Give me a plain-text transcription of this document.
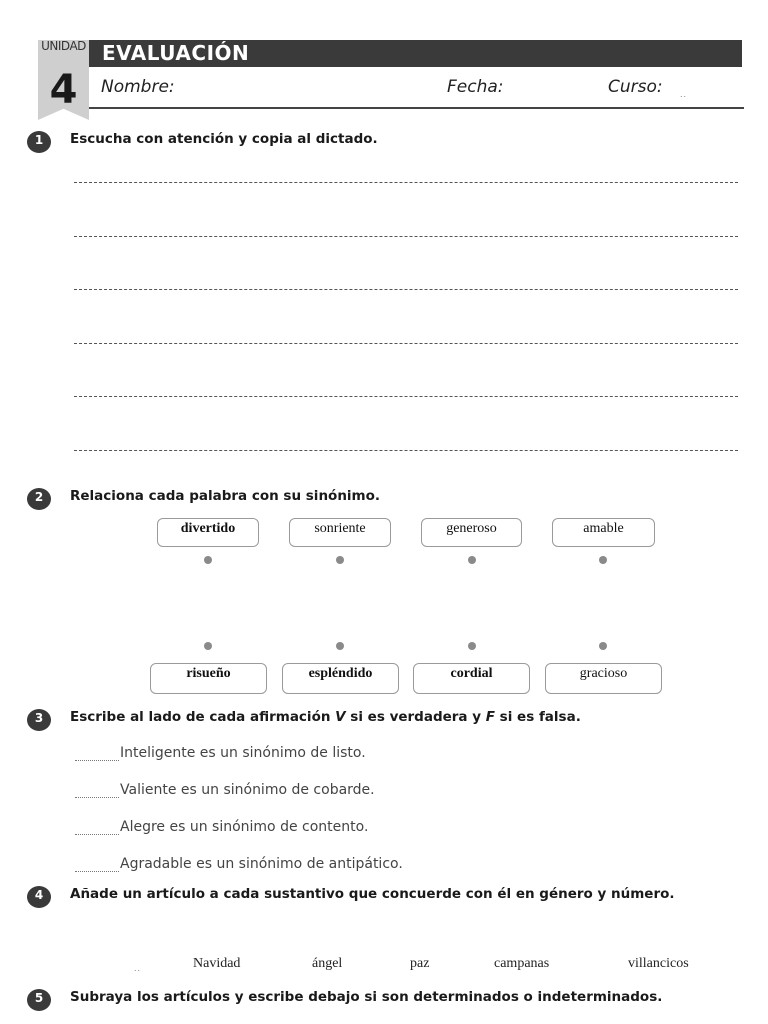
UNIDAD
4
EVALUACIÓN
Nombre:	Fecha:	Curso: ..
1	Escucha con atención y copia al dictado.
2	Relaciona cada palabra con su sinónimo.
divertido	sonriente	generoso	amable
risueño	espléndido	cordial	gracioso
3	Escribe al lado de cada afirmación V si es verdadera y F si es falsa.
Inteligente es un sinónimo de listo.
Valiente es un sinónimo de cobarde.
Alegre es un sinónimo de contento.
Agradable es un sinónimo de antipático.
4	Añade un artículo a cada sustantivo que concuerde con él en género y número.
..	Navidad	ángel	paz	campanas	villancicos
5	Subraya los artículos y escribe debajo si son determinados o indeterminados.
